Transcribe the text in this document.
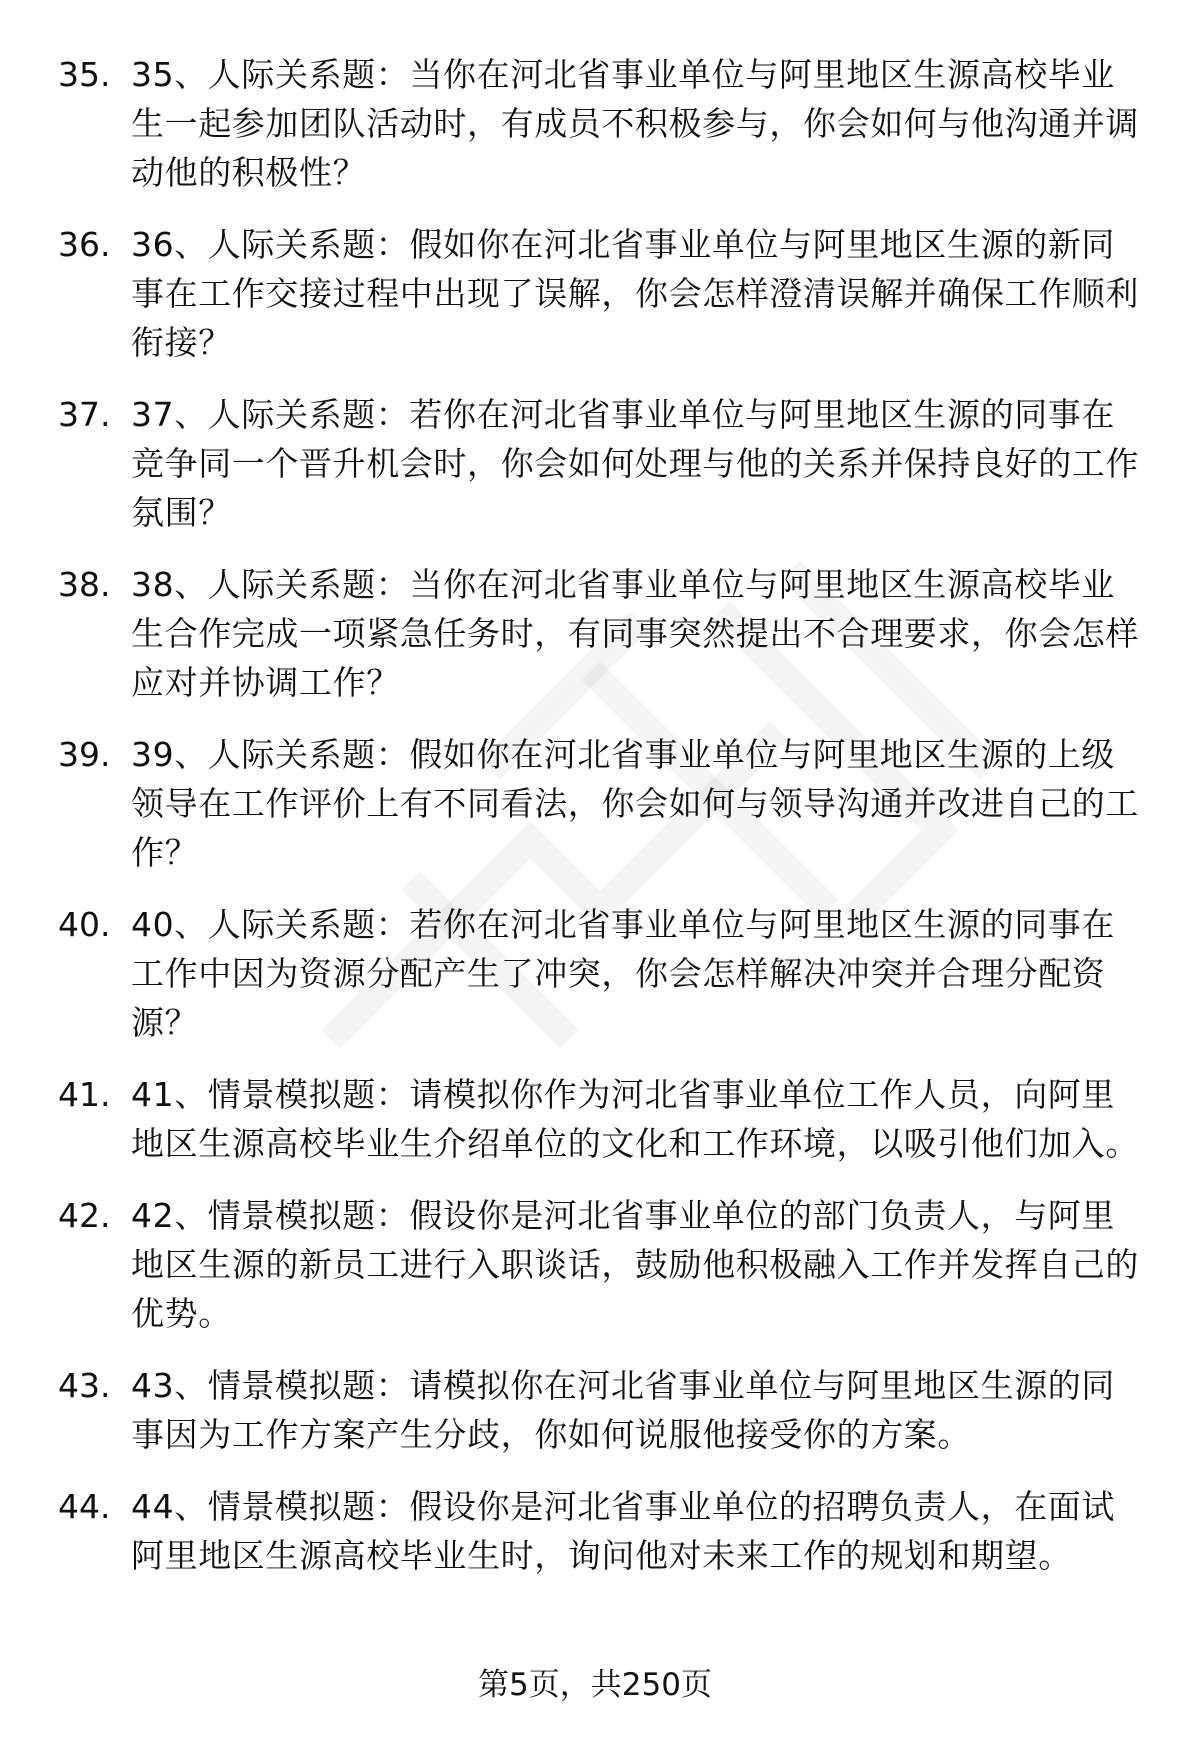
35. 35、人际关系题：当你在河北省事业单位与阿里地区生源高校毕业生一起参加团队活动时，有成员不积极参与，你会如何与他沟通并调动他的积极性？
36. 36、人际关系题：假如你在河北省事业单位与阿里地区生源的新同事在工作交接过程中出现了误解，你会怎样澄清误解并确保工作顺利衔接？
37. 37、人际关系题：若你在河北省事业单位与阿里地区生源的同事在竞争同一个晋升机会时，你会如何处理与他的关系并保持良好的工作氛围？
38. 38、人际关系题：当你在河北省事业单位与阿里地区生源高校毕业生合作完成一项紧急任务时，有同事突然提出不合理要求，你会怎样应对并协调工作？
39. 39、人际关系题：假如你在河北省事业单位与阿里地区生源的上级领导在工作评价上有不同看法，你会如何与领导沟通并改进自己的工作？
40. 40、人际关系题：若你在河北省事业单位与阿里地区生源的同事在工作中因为资源分配产生了冲突，你会怎样解决冲突并合理分配资源？
41. 41、情景模拟题：请模拟你作为河北省事业单位工作人员，向阿里地区生源高校毕业生介绍单位的文化和工作环境，以吸引他们加入。
42. 42、情景模拟题：假设你是河北省事业单位的部门负责人，与阿里地区生源的新员工进行入职谈话，鼓励他积极融入工作并发挥自己的优势。
43. 43、情景模拟题：请模拟你在河北省事业单位与阿里地区生源的同事因为工作方案产生分歧，你如何说服他接受你的方案。
44. 44、情景模拟题：假设你是河北省事业单位的招聘负责人，在面试阿里地区生源高校毕业生时，询问他对未来工作的规划和期望。
第5页，共250页
